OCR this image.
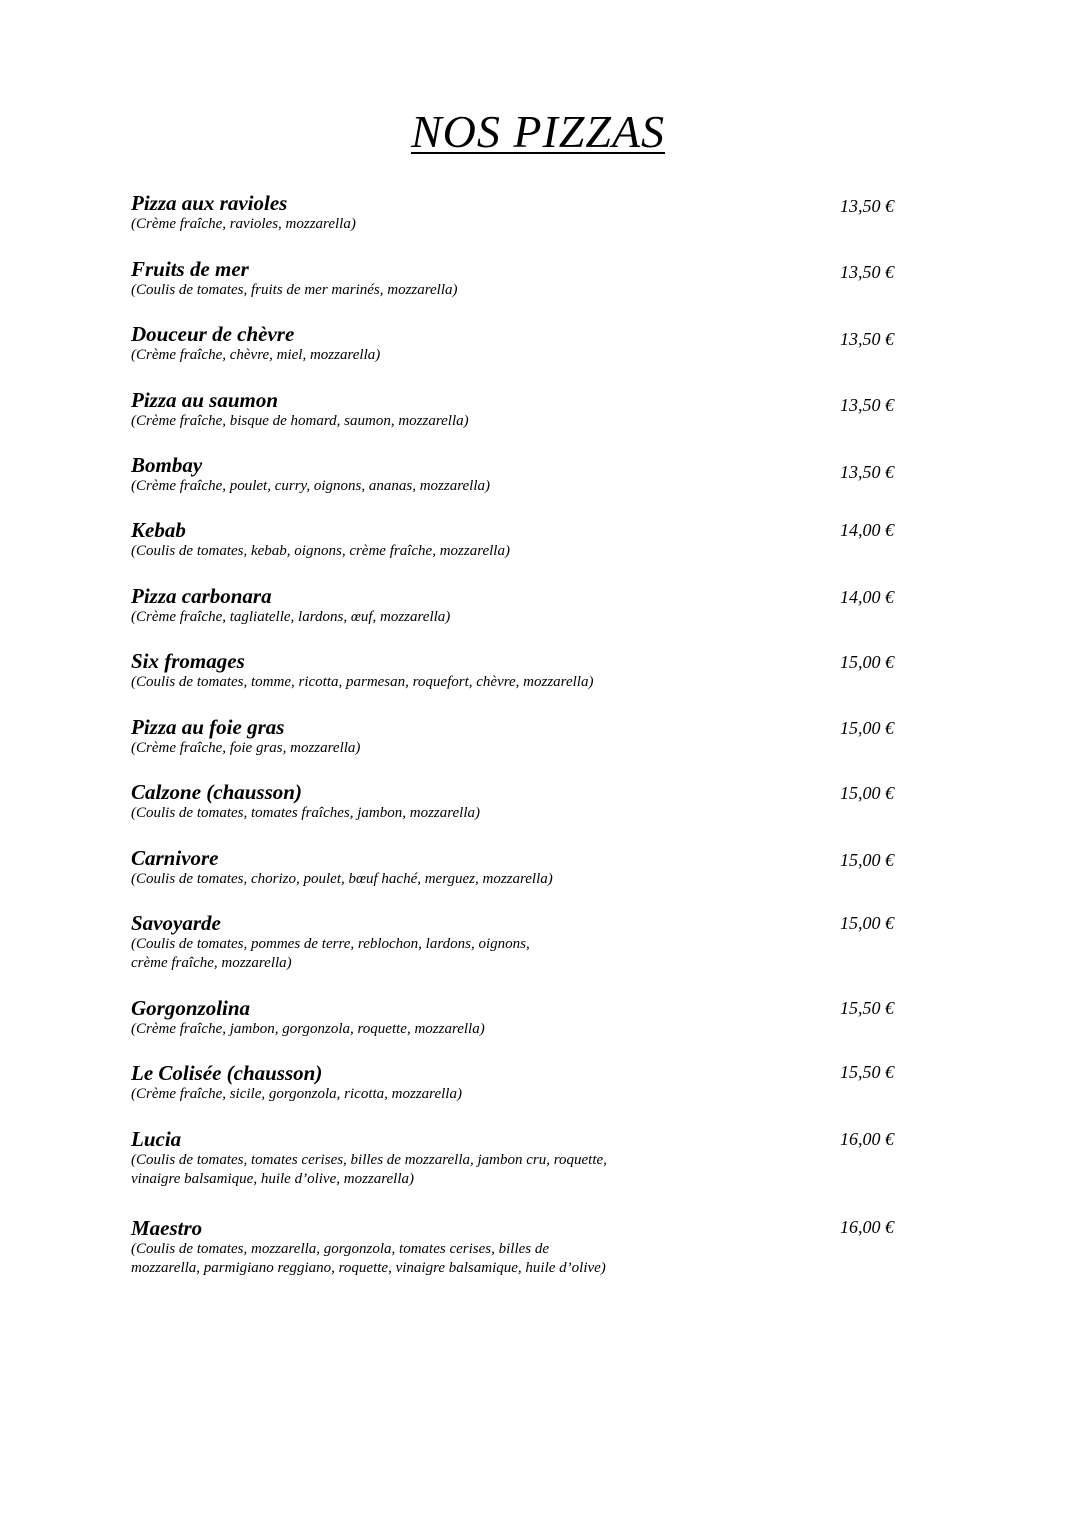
NOS PIZZAS
Pizza aux ravioles
(Crème fraîche, ravioles, mozzarella)
13,50 €
Fruits de mer
(Coulis de tomates, fruits de mer marinés, mozzarella)
13,50 €
Douceur de chèvre
(Crème fraîche, chèvre, miel, mozzarella)
13,50 €
Pizza au saumon
(Crème fraîche, bisque de homard, saumon, mozzarella)
13,50 €
Bombay
(Crème fraîche, poulet, curry, oignons, ananas, mozzarella)
13,50 €
Kebab
(Coulis de tomates, kebab, oignons, crème fraîche, mozzarella)
14,00 €
Pizza carbonara
(Crème fraîche, tagliatelle, lardons, œuf, mozzarella)
14,00 €
Six fromages
(Coulis de tomates, tomme, ricotta, parmesan, roquefort, chèvre, mozzarella)
15,00 €
Pizza au foie gras
(Crème fraîche, foie gras, mozzarella)
15,00 €
Calzone (chausson)
(Coulis de tomates, tomates fraîches, jambon, mozzarella)
15,00 €
Carnivore
(Coulis de tomates, chorizo, poulet, bœuf haché, merguez, mozzarella)
15,00 €
Savoyarde
(Coulis de tomates, pommes de terre, reblochon, lardons, oignons,
crème fraîche, mozzarella)
15,00 €
Gorgonzolina
(Crème fraîche, jambon, gorgonzola, roquette, mozzarella)
15,50 €
Le Colisée (chausson)
(Crème fraîche, sicile, gorgonzola, ricotta, mozzarella)
15,50 €
Lucia
(Coulis de tomates, tomates cerises, billes de mozzarella, jambon cru, roquette,
vinaigre balsamique, huile d’olive, mozzarella)
16,00 €
Maestro
(Coulis de tomates, mozzarella, gorgonzola, tomates cerises, billes de
mozzarella, parmigiano reggiano, roquette, vinaigre balsamique, huile d’olive)
16,00 €
